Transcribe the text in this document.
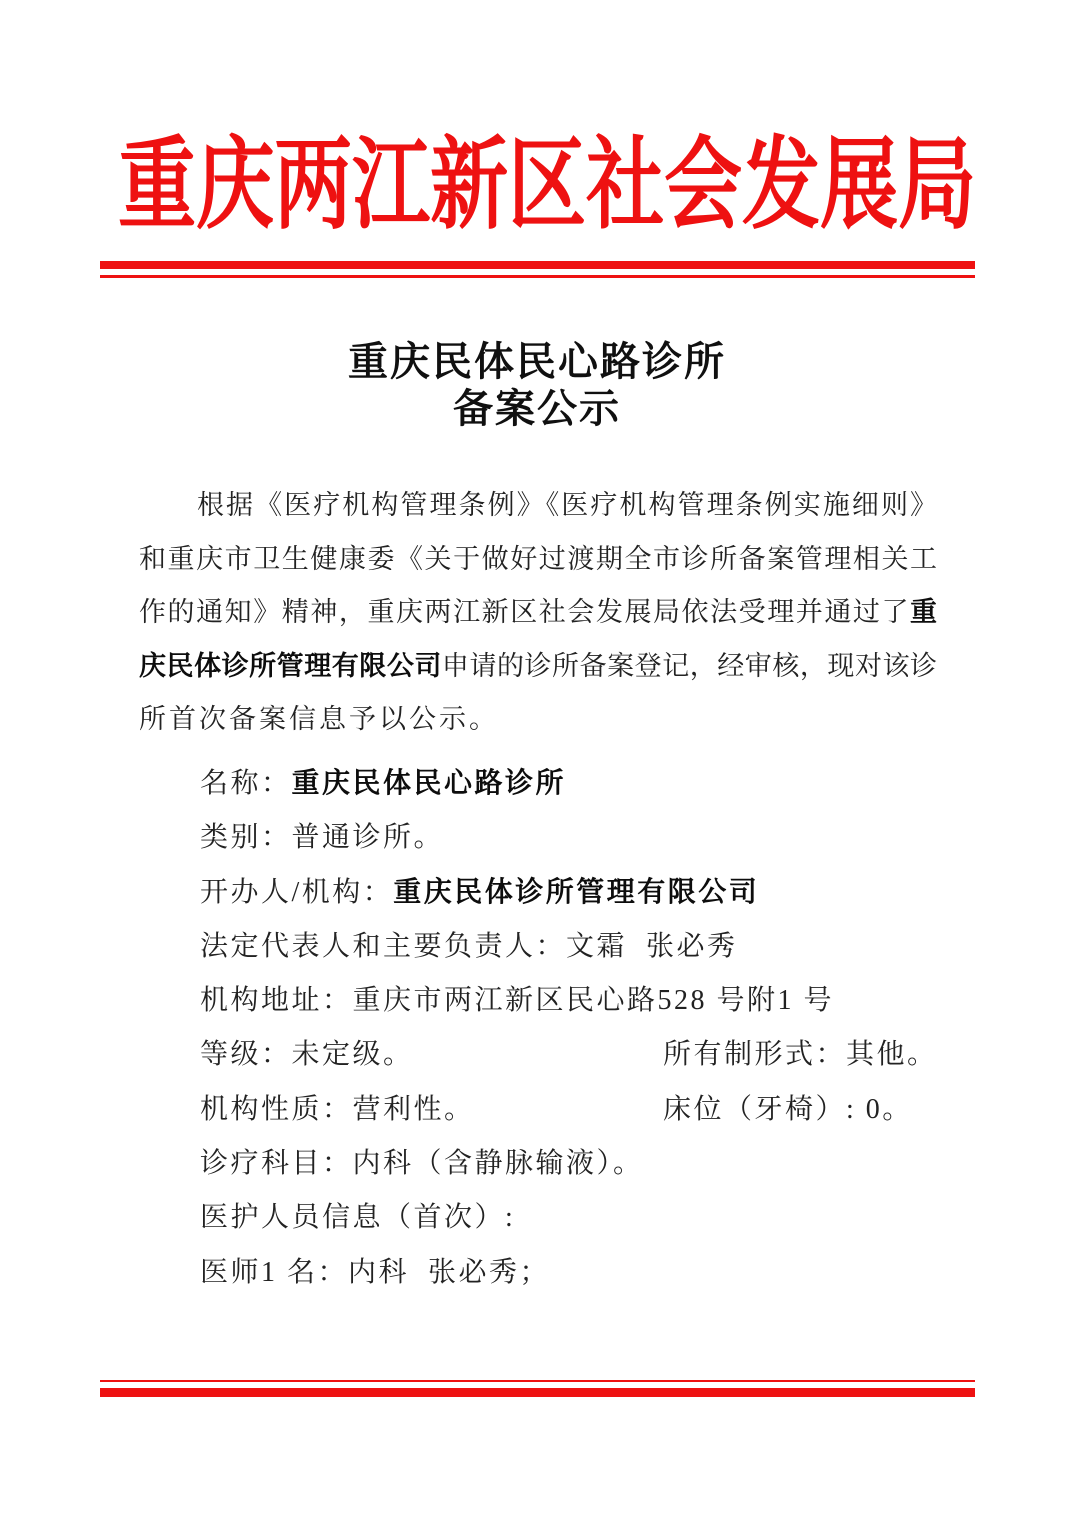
重庆两江新区社会发展局
重庆民体民心路诊所
备案公示
根据《医疗机构管理条例》《医疗机构管理条例实施细则》
和重庆市卫生健康委《关于做好过渡期全市诊所备案管理相关工
作的通知》精神，重庆两江新区社会发展局依法受理并通过了重
庆民体诊所管理有限公司申请的诊所备案登记，经审核，现对该诊
所首次备案信息予以公示。
名称：重庆民体民心路诊所
类别：普通诊所。
开办人/机构：重庆民体诊所管理有限公司
法定代表人和主要负责人：文霜  张必秀
机构地址：重庆市两江新区民心路528 号附1 号
等级：未定级。	所有制形式：其他。
机构性质：营利性。	床位（牙椅）: 0。
诊疗科目：内科（含静脉输液）。
医护人员信息（首次）:
医师1 名：内科  张必秀；
